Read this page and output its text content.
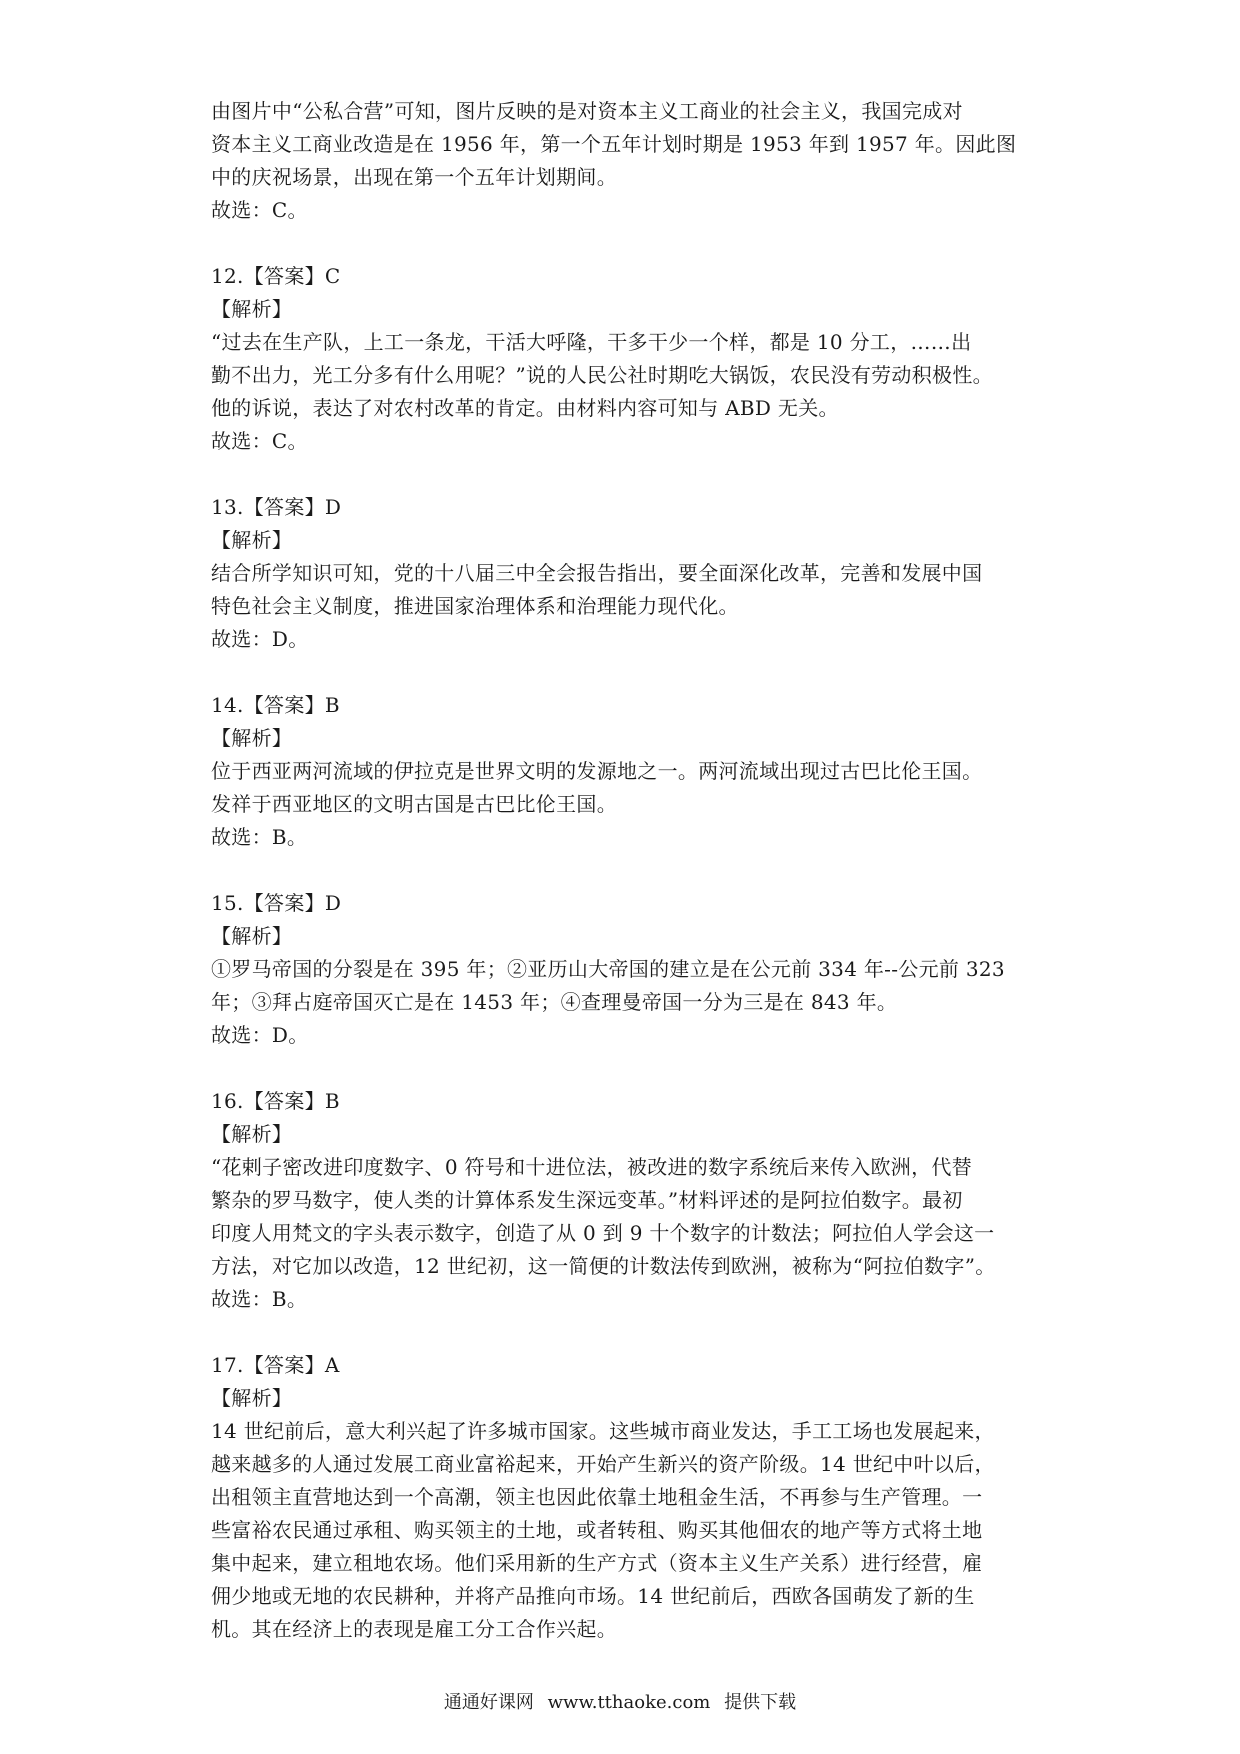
由图片中“公私合营”可知，图片反映的是对资本主义工商业的社会主义，我国完成对
资本主义工商业改造是在 1956 年，第一个五年计划时期是 1953 年到 1957 年。因此图
中的庆祝场景，出现在第一个五年计划期间。
故选：C。
12.【答案】C
【解析】
“过去在生产队，上工一条龙，干活大呼隆，干多干少一个样，都是 10 分工，……出
勤不出力，光工分多有什么用呢？”说的人民公社时期吃大锅饭，农民没有劳动积极性。
他的诉说，表达了对农村改革的肯定。由材料内容可知与 ABD 无关。
故选：C。
13.【答案】D
【解析】
结合所学知识可知，党的十八届三中全会报告指出，要全面深化改革，完善和发展中国
特色社会主义制度，推进国家治理体系和治理能力现代化。
故选：D。
14.【答案】B
【解析】
位于西亚两河流域的伊拉克是世界文明的发源地之一。两河流域出现过古巴比伦王国。
发祥于西亚地区的文明古国是古巴比伦王国。
故选：B。
15.【答案】D
【解析】
①罗马帝国的分裂是在 395 年；②亚历山大帝国的建立是在公元前 334 年--公元前 323
年；③拜占庭帝国灭亡是在 1453 年；④查理曼帝国一分为三是在 843 年。
故选：D。
16.【答案】B
【解析】
“花剌子密改进印度数字、0 符号和十进位法，被改进的数字系统后来传入欧洲，代替
繁杂的罗马数字，使人类的计算体系发生深远变革。”材料评述的是阿拉伯数字。最初
印度人用梵文的字头表示数字，创造了从 0 到 9 十个数字的计数法；阿拉伯人学会这一
方法，对它加以改造，12 世纪初，这一简便的计数法传到欧洲，被称为“阿拉伯数字”。
故选：B。
17.【答案】A
【解析】
14 世纪前后，意大利兴起了许多城市国家。这些城市商业发达，手工工场也发展起来，
越来越多的人通过发展工商业富裕起来，开始产生新兴的资产阶级。14 世纪中叶以后，
出租领主直营地达到一个高潮，领主也因此依靠土地租金生活，不再参与生产管理。一
些富裕农民通过承租、购买领主的土地，或者转租、购买其他佃农的地产等方式将土地
集中起来，建立租地农场。他们采用新的生产方式（资本主义生产关系）进行经营，雇
佣少地或无地的农民耕种，并将产品推向市场。14 世纪前后，西欧各国萌发了新的生
机。其在经济上的表现是雇工分工合作兴起。
通通好课网 www.tthaoke.com 提供下载
